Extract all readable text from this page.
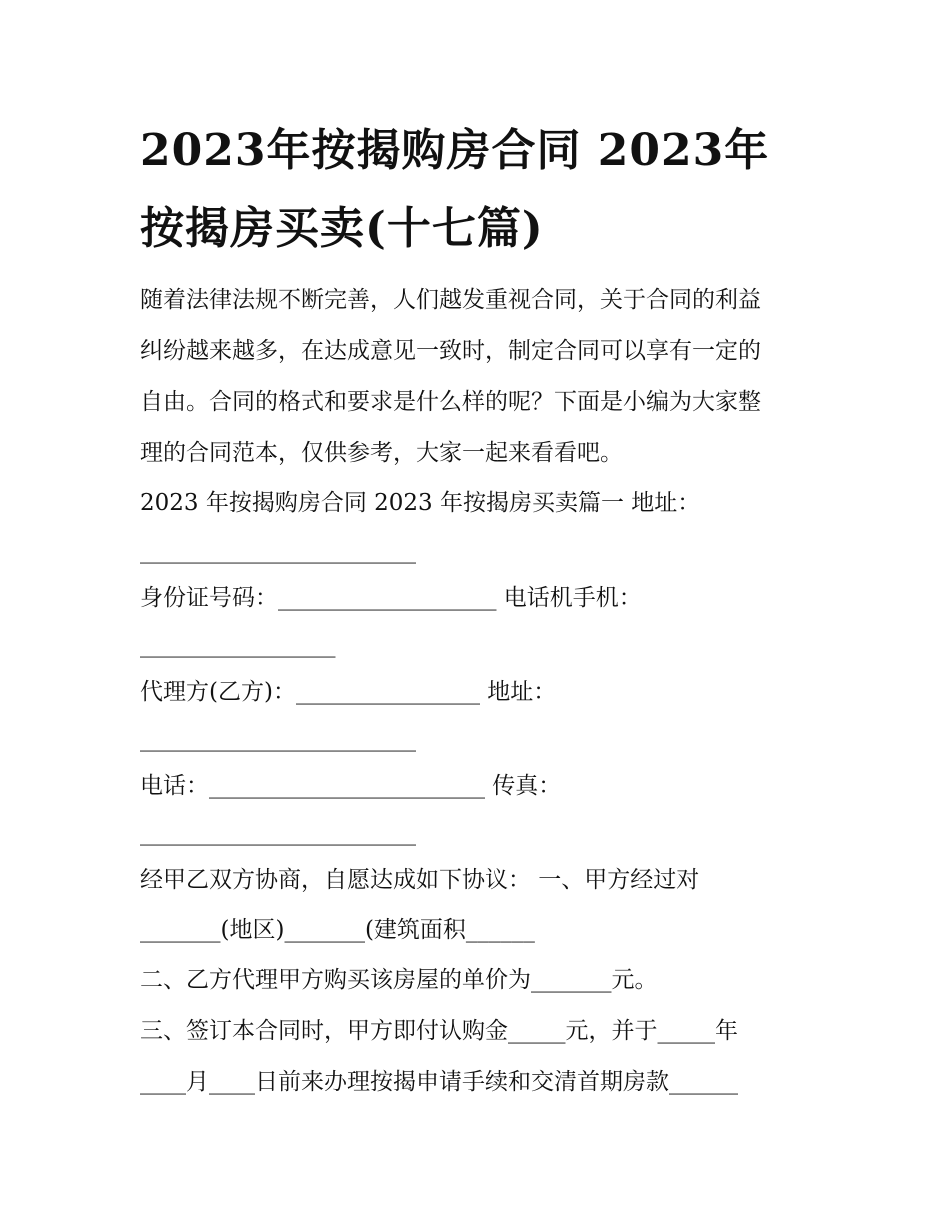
2023年按揭购房合同 2023年
按揭房买卖(十七篇)

随着法律法规不断完善，人们越发重视合同，关于合同的利益

纠纷越来越多，在达成意见一致时，制定合同可以享有一定的

自由。合同的格式和要求是什么样的呢？下面是小编为大家整

理的合同范本，仅供参考，大家一起来看看吧。

2023 年按揭购房合同 2023 年按揭房买卖篇一 地址：

________________________

身份证号码：___________________ 电话机手机：

_________________

代理方(乙方)：________________ 地址：

________________________

电话：________________________ 传真：

________________________

经甲乙双方协商，自愿达成如下协议： 一、甲方经过对

_______(地区)_______(建筑面积______

二、乙方代理甲方购买该房屋的单价为_______元。

三、签订本合同时，甲方即付认购金_____元，并于_____年

____月____日前来办理按揭申请手续和交清首期房款______
